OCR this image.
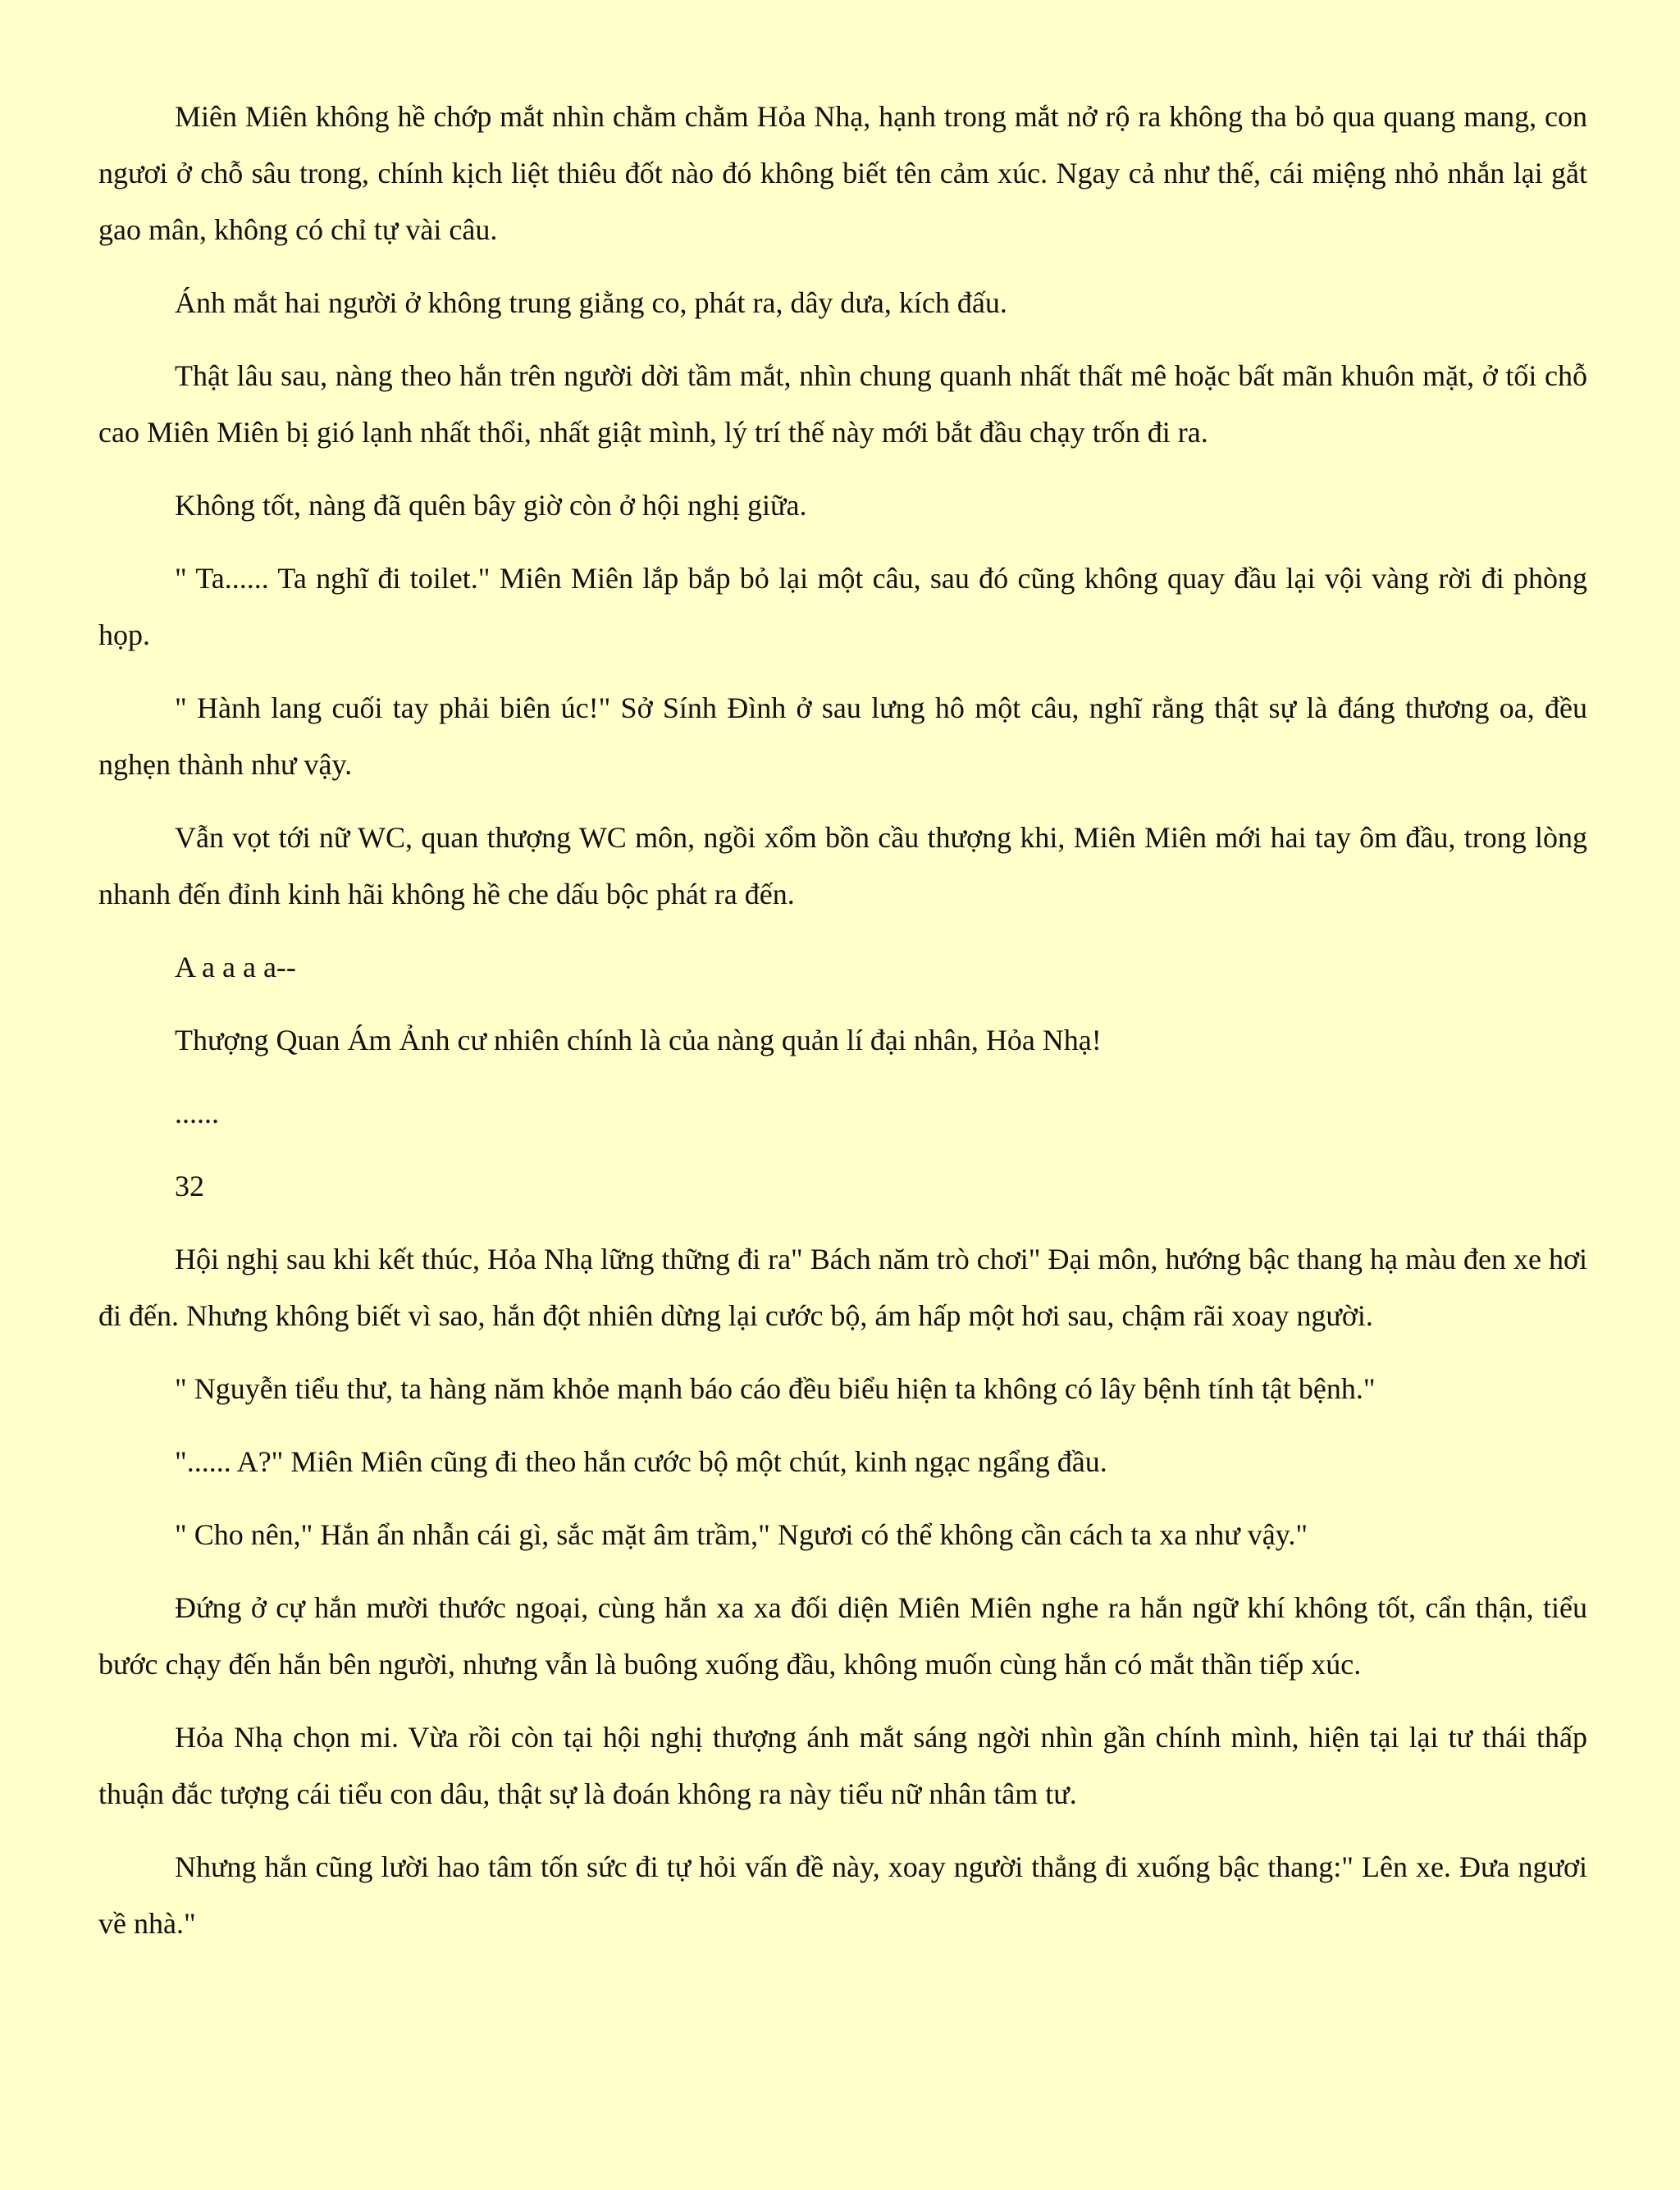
Miên Miên không hề chớp mắt nhìn chằm chằm Hỏa Nhạ, hạnh trong mắt nở rộ ra không tha bỏ qua quang mang, con ngươi ở chỗ sâu trong, chính kịch liệt thiêu đốt nào đó không biết tên cảm xúc. Ngay cả như thế, cái miệng nhỏ nhắn lại gắt gao mân, không có chỉ tự vài câu.

Ánh mắt hai người ở không trung giằng co, phát ra, dây dưa, kích đấu.

Thật lâu sau, nàng theo hắn trên người dời tầm mắt, nhìn chung quanh nhất thất mê hoặc bất mãn khuôn mặt, ở tối chỗ cao Miên Miên bị gió lạnh nhất thổi, nhất giật mình, lý trí thế này mới bắt đầu chạy trốn đi ra.

Không tốt, nàng đã quên bây giờ còn ở hội nghị giữa.

" Ta...... Ta nghĩ đi toilet." Miên Miên lắp bắp bỏ lại một câu, sau đó cũng không quay đầu lại vội vàng rời đi phòng họp.

" Hành lang cuối tay phải biên úc!" Sở Sính Đình ở sau lưng hô một câu, nghĩ rằng thật sự là đáng thương oa, đều nghẹn thành như vậy.

Vẫn vọt tới nữ WC, quan thượng WC môn, ngồi xổm bồn cầu thượng khi, Miên Miên mới hai tay ôm đầu, trong lòng nhanh đến đỉnh kinh hãi không hề che dấu bộc phát ra đến.

A a a a a--

Thượng Quan Ám Ảnh cư nhiên chính là của nàng quản lí đại nhân, Hỏa Nhạ!

......

32

Hội nghị sau khi kết thúc, Hỏa Nhạ lững thững đi ra" Bách năm trò chơi" Đại môn, hướng bậc thang hạ màu đen xe hơi đi đến. Nhưng không biết vì sao, hắn đột nhiên dừng lại cước bộ, ám hấp một hơi sau, chậm rãi xoay người.

" Nguyễn tiểu thư, ta hàng năm khỏe mạnh báo cáo đều biểu hiện ta không có lây bệnh tính tật bệnh."

"...... A?" Miên Miên cũng đi theo hắn cước bộ một chút, kinh ngạc ngẩng đầu.

" Cho nên," Hắn ẩn nhẫn cái gì, sắc mặt âm trầm," Ngươi có thể không cần cách ta xa như vậy."

Đứng ở cự hắn mười thước ngoại, cùng hắn xa xa đối diện Miên Miên nghe ra hắn ngữ khí không tốt, cẩn thận, tiểu bước chạy đến hắn bên người, nhưng vẫn là buông xuống đầu, không muốn cùng hắn có mắt thần tiếp xúc.

Hỏa Nhạ chọn mi. Vừa rồi còn tại hội nghị thượng ánh mắt sáng ngời nhìn gần chính mình, hiện tại lại tư thái thấp thuận đắc tượng cái tiểu con dâu, thật sự là đoán không ra này tiểu nữ nhân tâm tư.

Nhưng hắn cũng lười hao tâm tốn sức đi tự hỏi vấn đề này, xoay người thẳng đi xuống bậc thang:" Lên xe. Đưa ngươi về nhà."
